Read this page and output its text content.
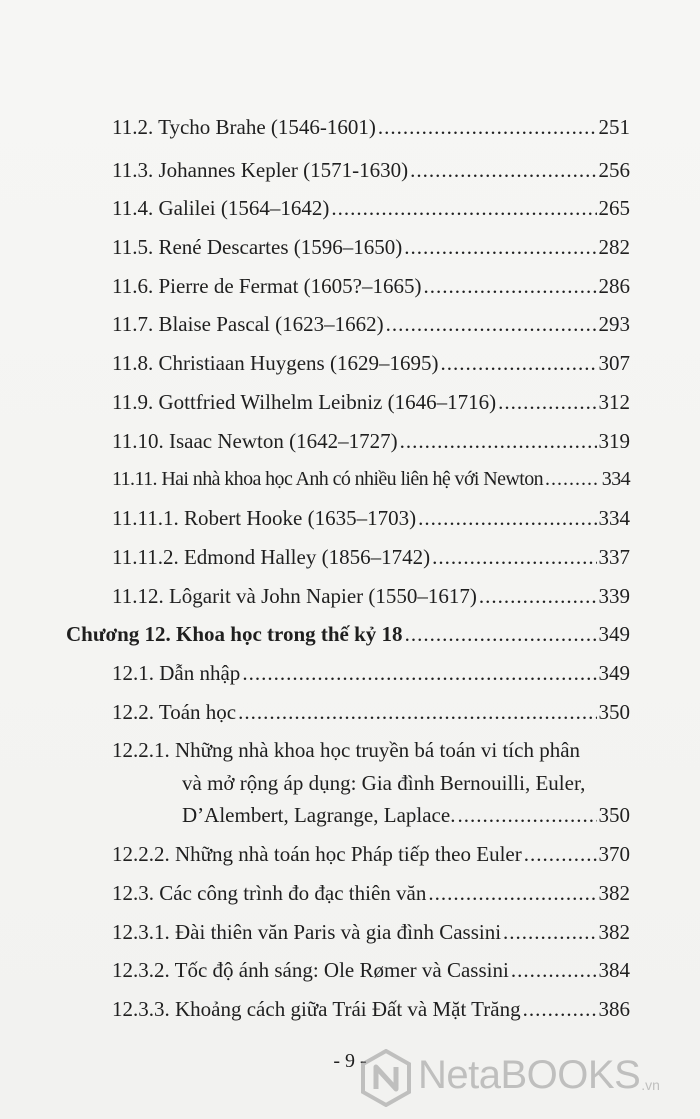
11.2. Tycho Brahe (1546-1601) .....	251
11.3. Johannes Kepler (1571-1630) .....	256
11.4. Galilei (1564–1642) .....	265
11.5. René Descartes (1596–1650) .....	282
11.6. Pierre de Fermat (1605?–1665) .....	286
11.7. Blaise Pascal (1623–1662) .....	293
11.8. Christiaan Huygens (1629–1695) .....	307
11.9. Gottfried Wilhelm Leibniz (1646–1716) .....	312
11.10. Isaac Newton (1642–1727) .....	319
11.11. Hai nhà khoa học Anh có nhiều liên hệ với Newton .....	334
11.11.1. Robert Hooke (1635–1703) .....	334
11.11.2. Edmond Halley (1856–1742) .....	337
11.12. Lôgarit và John Napier (1550–1617) .....	339
Chương 12. Khoa học trong thế kỷ 18 .....	349
12.1. Dẫn nhập .....	349
12.2. Toán học .....	350
12.2.1. Những nhà khoa học truyền bá toán vi tích phân
và mở rộng áp dụng: Gia đình Bernouilli, Euler,
D’Alembert, Lagrange, Laplace. .....	350
12.2.2. Những nhà toán học Pháp tiếp theo Euler .....	370
12.3. Các công trình đo đạc thiên văn .....	382
12.3.1. Đài thiên văn Paris và gia đình Cassini .....	382
12.3.2. Tốc độ ánh sáng: Ole Rømer và Cassini .....	384
12.3.3. Khoảng cách giữa Trái Đất và Mặt Trăng .....	386
- 9 -	NetaBOOKS .vn
